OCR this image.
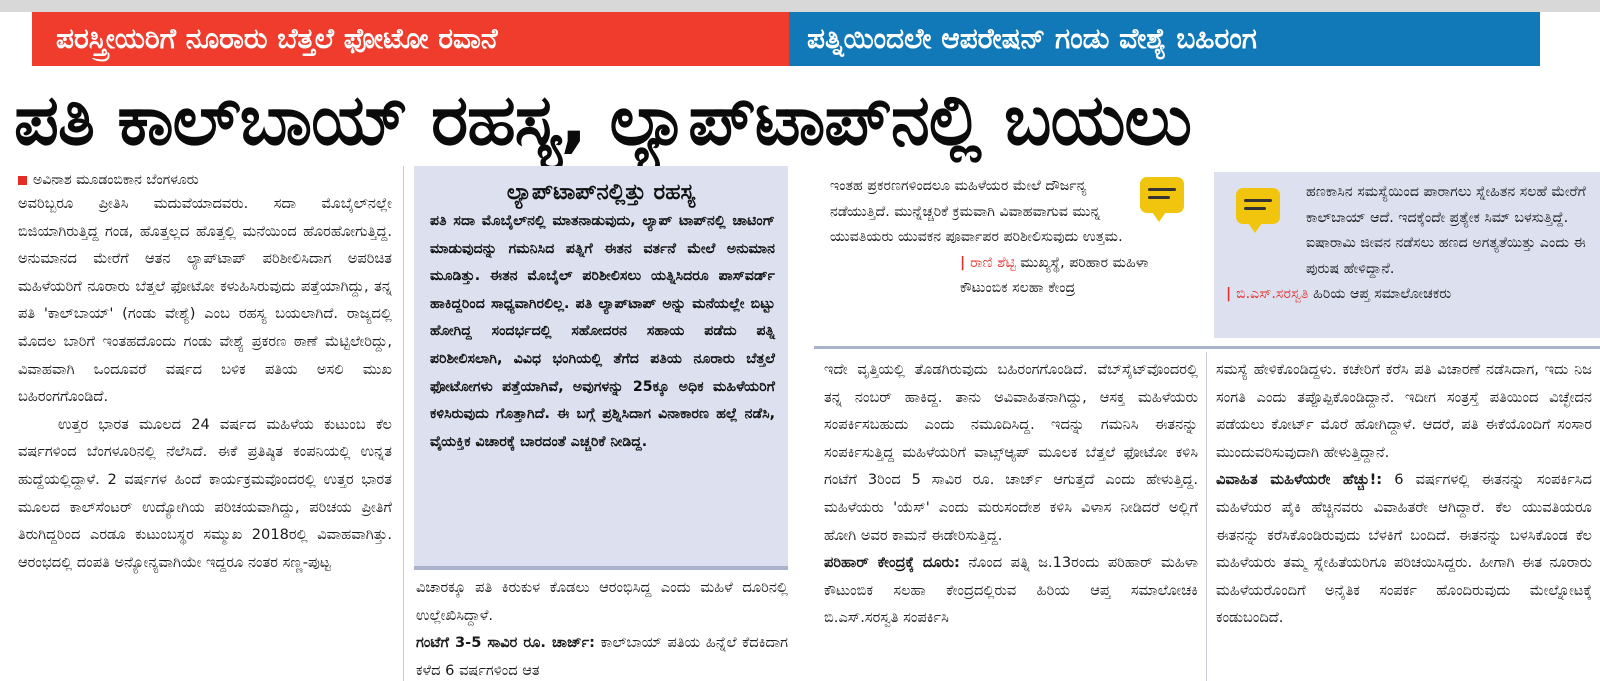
ಪರಸ್ತ್ರೀಯರಿಗೆ ನೂರಾರು ಬೆತ್ತಲೆ ಫೋಟೋ ರವಾನೆ	ಪತ್ನಿಯಿಂದಲೇ ಆಪರೇಷನ್ ಗಂಡು ವೇಶ್ಯೆ ಬಹಿರಂಗ
ಪತಿ ಕಾಲ್‌ಬಾಯ್ ರಹಸ್ಯ, ಲ್ಯಾಪ್‌ಟಾಪ್‌ನಲ್ಲಿ ಬಯಲು
ಅವಿನಾಶ ಮೂಡಂಬಿಕಾನ ಬೆಂಗಳೂರು

ಅವರಿಬ್ಬರೂ ಪ್ರೀತಿಸಿ ಮದುವೆಯಾದವರು. ಸದಾ ಮೊಬೈಲ್‌ನಲ್ಲೇ ಬಿಜಿಯಾಗಿರುತ್ತಿದ್ದ ಗಂಡ, ಹೊತ್ತಲ್ಲದ ಹೊತ್ತಲ್ಲಿ ಮನೆಯಿಂದ ಹೊರಹೋಗುತ್ತಿದ್ದ. ಅನುಮಾನದ ಮೇರೆಗೆ ಆತನ ಲ್ಯಾಪ್‌ಟಾಪ್ ಪರಿಶೀಲಿಸಿದಾಗ ಅಪರಿಚಿತ ಮಹಿಳೆಯರಿಗೆ ನೂರಾರು ಬೆತ್ತಲೆ ಫೋಟೋ ಕಳುಹಿಸಿರುವುದು ಪತ್ತೆಯಾಗಿದ್ದು, ತನ್ನ ಪತಿ 'ಕಾಲ್‌ಬಾಯ್' (ಗಂಡು ವೇಶ್ಯೆ) ಎಂಬ ರಹಸ್ಯ ಬಯಲಾಗಿದೆ. ರಾಜ್ಯದಲ್ಲಿ ಮೊದಲ ಬಾರಿಗೆ ಇಂತಹದೊಂದು ಗಂಡು ವೇಶ್ಯೆ ಪ್ರಕರಣ ಠಾಣೆ ಮೆಟ್ಟಿಲೇರಿದ್ದು, ವಿವಾಹವಾಗಿ ಒಂದೂವರೆ ವರ್ಷದ ಬಳಿಕ ಪತಿಯ ಅಸಲಿ ಮುಖ ಬಹಿರಂಗಗೊಂಡಿದೆ.

ಉತ್ತರ ಭಾರತ ಮೂಲದ 24 ವರ್ಷದ ಮಹಿಳೆಯ ಕುಟುಂಬ ಕೆಲ ವರ್ಷಗಳಿಂದ ಬೆಂಗಳೂರಿನಲ್ಲಿ ನೆಲೆಸಿದೆ. ಈಕೆ ಪ್ರತಿಷ್ಠಿತ ಕಂಪನಿಯಲ್ಲಿ ಉನ್ನತ ಹುದ್ದೆಯಲ್ಲಿದ್ದಾಳೆ. 2 ವರ್ಷಗಳ ಹಿಂದೆ ಕಾರ್ಯಕ್ರಮವೊಂದರಲ್ಲಿ ಉತ್ತರ ಭಾರತ ಮೂಲದ ಕಾಲ್‌ಸೆಂಟರ್ ಉದ್ಯೋಗಿಯ ಪರಿಚಯವಾಗಿದ್ದು, ಪರಿಚಯ ಪ್ರೀತಿಗೆ ತಿರುಗಿದ್ದರಿಂದ ಎರಡೂ ಕುಟುಂಬಸ್ಥರ ಸಮ್ಮುಖ 2018ರಲ್ಲಿ ವಿವಾಹವಾಗಿತ್ತು. ಆರಂಭದಲ್ಲಿ ದಂಪತಿ ಅನ್ಯೋನ್ಯವಾಗಿಯೇ ಇದ್ದರೂ ನಂತರ ಸಣ್ಣ-ಪುಟ್ಟ

ಲ್ಯಾಪ್‌ಟಾಪ್‌ನಲ್ಲಿತ್ತು ರಹಸ್ಯ
ಪತಿ ಸದಾ ಮೊಬೈಲ್‌ನಲ್ಲಿ ಮಾತನಾಡುವುದು, ಲ್ಯಾಪ್ ಟಾಪ್‌ನಲ್ಲಿ ಚಾಟಿಂಗ್ ಮಾಡುವುದನ್ನು ಗಮನಿಸಿದ ಪತ್ನಿಗೆ ಈತನ ವರ್ತನೆ ಮೇಲೆ ಅನುಮಾನ ಮೂಡಿತ್ತು. ಈತನ ಮೊಬೈಲ್ ಪರಿಶೀಲಿಸಲು ಯತ್ನಿಸಿದರೂ ಪಾಸ್‌ವರ್ಡ್ ಹಾಕಿದ್ದರಿಂದ ಸಾಧ್ಯವಾಗಿರಲಿಲ್ಲ. ಪತಿ ಲ್ಯಾಪ್‌ಟಾಪ್ ಅನ್ನು ಮನೆಯಲ್ಲೇ ಬಿಟ್ಟು ಹೋಗಿದ್ದ ಸಂದರ್ಭದಲ್ಲಿ ಸಹೋದರನ ಸಹಾಯ ಪಡೆದು ಪತ್ನಿ ಪರಿಶೀಲಿಸಲಾಗಿ, ವಿವಿಧ ಭಂಗಿಯಲ್ಲಿ ತೆಗೆದ ಪತಿಯ ನೂರಾರು ಬೆತ್ತಲೆ ಫೋಟೋಗಳು ಪತ್ತೆಯಾಗಿವೆ, ಅವುಗಳನ್ನು 25ಕ್ಕೂ ಅಧಿಕ ಮಹಿಳೆಯರಿಗೆ ಕಳಿಸಿರುವುದು ಗೊತ್ತಾಗಿದೆ. ಈ ಬಗ್ಗೆ ಪ್ರಶ್ನಿಸಿದಾಗ ವಿನಾಕಾರಣ ಹಲ್ಲೆ ನಡೆಸಿ, ವೈಯಕ್ತಿಕ ವಿಚಾರಕ್ಕೆ ಬಾರದಂತೆ ಎಚ್ಚರಿಕೆ ನೀಡಿದ್ದ.

ವಿಚಾರಕ್ಕೂ ಪತಿ ಕಿರುಕುಳ ಕೊಡಲು ಆರಂಭಿಸಿದ್ದ ಎಂದು ಮಹಿಳೆ ದೂರಿನಲ್ಲಿ ಉಲ್ಲೇಖಿಸಿದ್ದಾಳೆ.

ಗಂಟೆಗೆ 3-5 ಸಾವಿರ ರೂ. ಚಾರ್ಜ್: ಕಾಲ್‌ಬಾಯ್ ಪತಿಯ ಹಿನ್ನೆಲೆ ಕೆದಕಿದಾಗ ಕಳೆದ 6 ವರ್ಷಗಳಿಂದ ಆತ

ಇಂತಹ ಪ್ರಕರಣಗಳಿಂದಲೂ ಮಹಿಳೆಯರ ಮೇಲೆ ದೌರ್ಜನ್ಯ ನಡೆಯುತ್ತಿದೆ. ಮುನ್ನೆಚ್ಚರಿಕೆ ಕ್ರಮವಾಗಿ ವಿವಾಹವಾಗುವ ಮುನ್ನ ಯುವತಿಯರು ಯುವಕನ ಪೂರ್ವಾಪರ ಪರಿಶೀಲಿಸುವುದು ಉತ್ತಮ.
| ರಾಣಿ ಶೆಟ್ಟಿ ಮುಖ್ಯಸ್ಥೆ, ಪರಿಹಾರ ಮಹಿಳಾ ಕೌಟುಂಬಿಕ ಸಲಹಾ ಕೇಂದ್ರ
ಹಣಕಾಸಿನ ಸಮಸ್ಯೆಯಿಂದ ಪಾರಾಗಲು ಸ್ನೇಹಿತನ ಸಲಹೆ ಮೇರೆಗೆ ಕಾಲ್‌ಬಾಯ್ ಆದೆ. ಇದಕ್ಕೆಂದೇ ಪ್ರತ್ಯೇಕ ಸಿಮ್ ಬಳಸುತ್ತಿದ್ದೆ. ಐಷಾರಾಮಿ ಜೀವನ ನಡೆಸಲು ಹಣದ ಅಗತ್ಯತೆಯಿತ್ತು ಎಂದು ಈ ಪುರುಷ ಹೇಳಿದ್ದಾನೆ.
| ಬಿ.ಎಸ್.ಸರಸ್ವತಿ ಹಿರಿಯ ಆಪ್ತ ಸಮಾಲೋಚಕರು

ಇದೇ ವೃತ್ತಿಯಲ್ಲಿ ತೊಡಗಿರುವುದು ಬಹಿರಂಗಗೊಂಡಿದೆ. ವೆಬ್‌ಸೈಟ್‌ವೊಂದರಲ್ಲಿ ತನ್ನ ನಂಬರ್ ಹಾಕಿದ್ದ. ತಾನು ಅವಿವಾಹಿತನಾಗಿದ್ದು, ಆಸಕ್ತ ಮಹಿಳೆಯರು ಸಂಪರ್ಕಿಸಬಹುದು ಎಂದು ನಮೂದಿಸಿದ್ದ. ಇದನ್ನು ಗಮನಿಸಿ ಈತನನ್ನು ಸಂಪರ್ಕಿಸುತ್ತಿದ್ದ ಮಹಿಳೆಯರಿಗೆ ವಾಟ್ಸ್‌ಆ್ಯಪ್ ಮೂಲಕ ಬೆತ್ತಲೆ ಫೋಟೋ ಕಳಿಸಿ ಗಂಟೆಗೆ 3ರಿಂದ 5 ಸಾವಿರ ರೂ. ಚಾರ್ಜ್ ಆಗುತ್ತದೆ ಎಂದು ಹೇಳುತ್ತಿದ್ದ. ಮಹಿಳೆಯರು 'ಯೆಸ್' ಎಂದು ಮರುಸಂದೇಶ ಕಳಿಸಿ ವಿಳಾಸ ನೀಡಿದರೆ ಅಲ್ಲಿಗೆ ಹೋಗಿ ಅವರ ಕಾಮನೆ ಈಡೇರಿಸುತ್ತಿದ್ದ.

ಪರಿಹಾರ್ ಕೇಂದ್ರಕ್ಕೆ ದೂರು: ನೊಂದ ಪತ್ನಿ ಜ.13ರಂದು ಪರಿಹಾರ್ ಮಹಿಳಾ ಕೌಟುಂಬಿಕ ಸಲಹಾ ಕೇಂದ್ರದಲ್ಲಿರುವ ಹಿರಿಯ ಆಪ್ತ ಸಮಾಲೋಚಕಿ ಬಿ.ಎಸ್.ಸರಸ್ವತಿ ಸಂಪರ್ಕಿಸಿ

ಸಮಸ್ಯೆ ಹೇಳಿಕೊಂಡಿದ್ದಳು. ಕಚೇರಿಗೆ ಕರೆಸಿ ಪತಿ ವಿಚಾರಣೆ ನಡೆಸಿದಾಗ, ಇದು ನಿಜ ಸಂಗತಿ ಎಂದು ತಪ್ಪೊಪ್ಪಿಕೊಂಡಿದ್ದಾನೆ. ಇದೀಗ ಸಂತ್ರಸ್ತೆ ಪತಿಯಿಂದ ವಿಚ್ಛೇದನ ಪಡೆಯಲು ಕೋರ್ಟ್ ಮೊರೆ ಹೋಗಿದ್ದಾಳೆ. ಆದರೆ, ಪತಿ ಈಕೆಯೊಂದಿಗೆ ಸಂಸಾರ ಮುಂದುವರಿಸುವುದಾಗಿ ಹೇಳುತ್ತಿದ್ದಾನೆ.

ವಿವಾಹಿತ ಮಹಿಳೆಯರೇ ಹೆಚ್ಚು!: 6 ವರ್ಷಗಳಲ್ಲಿ ಈತನನ್ನು ಸಂಪರ್ಕಿಸಿದ ಮಹಿಳೆಯರ ಪೈಕಿ ಹೆಚ್ಚಿನವರು ವಿವಾಹಿತರೇ ಆಗಿದ್ದಾರೆ. ಕೆಲ ಯುವತಿಯರೂ ಈತನನ್ನು ಕರೆಸಿಕೊಂಡಿರುವುದು ಬೆಳಕಿಗೆ ಬಂದಿದೆ. ಈತನನ್ನು ಬಳಸಿಕೊಂಡ ಕೆಲ ಮಹಿಳೆಯರು ತಮ್ಮ ಸ್ನೇಹಿತೆಯರಿಗೂ ಪರಿಚಯಿಸಿದ್ದರು. ಹೀಗಾಗಿ ಈತ ನೂರಾರು ಮಹಿಳೆಯರೊಂದಿಗೆ ಅನೈತಿಕ ಸಂಪರ್ಕ ಹೊಂದಿರುವುದು ಮೇಲ್ನೋಟಕ್ಕೆ ಕಂಡುಬಂದಿದೆ.
